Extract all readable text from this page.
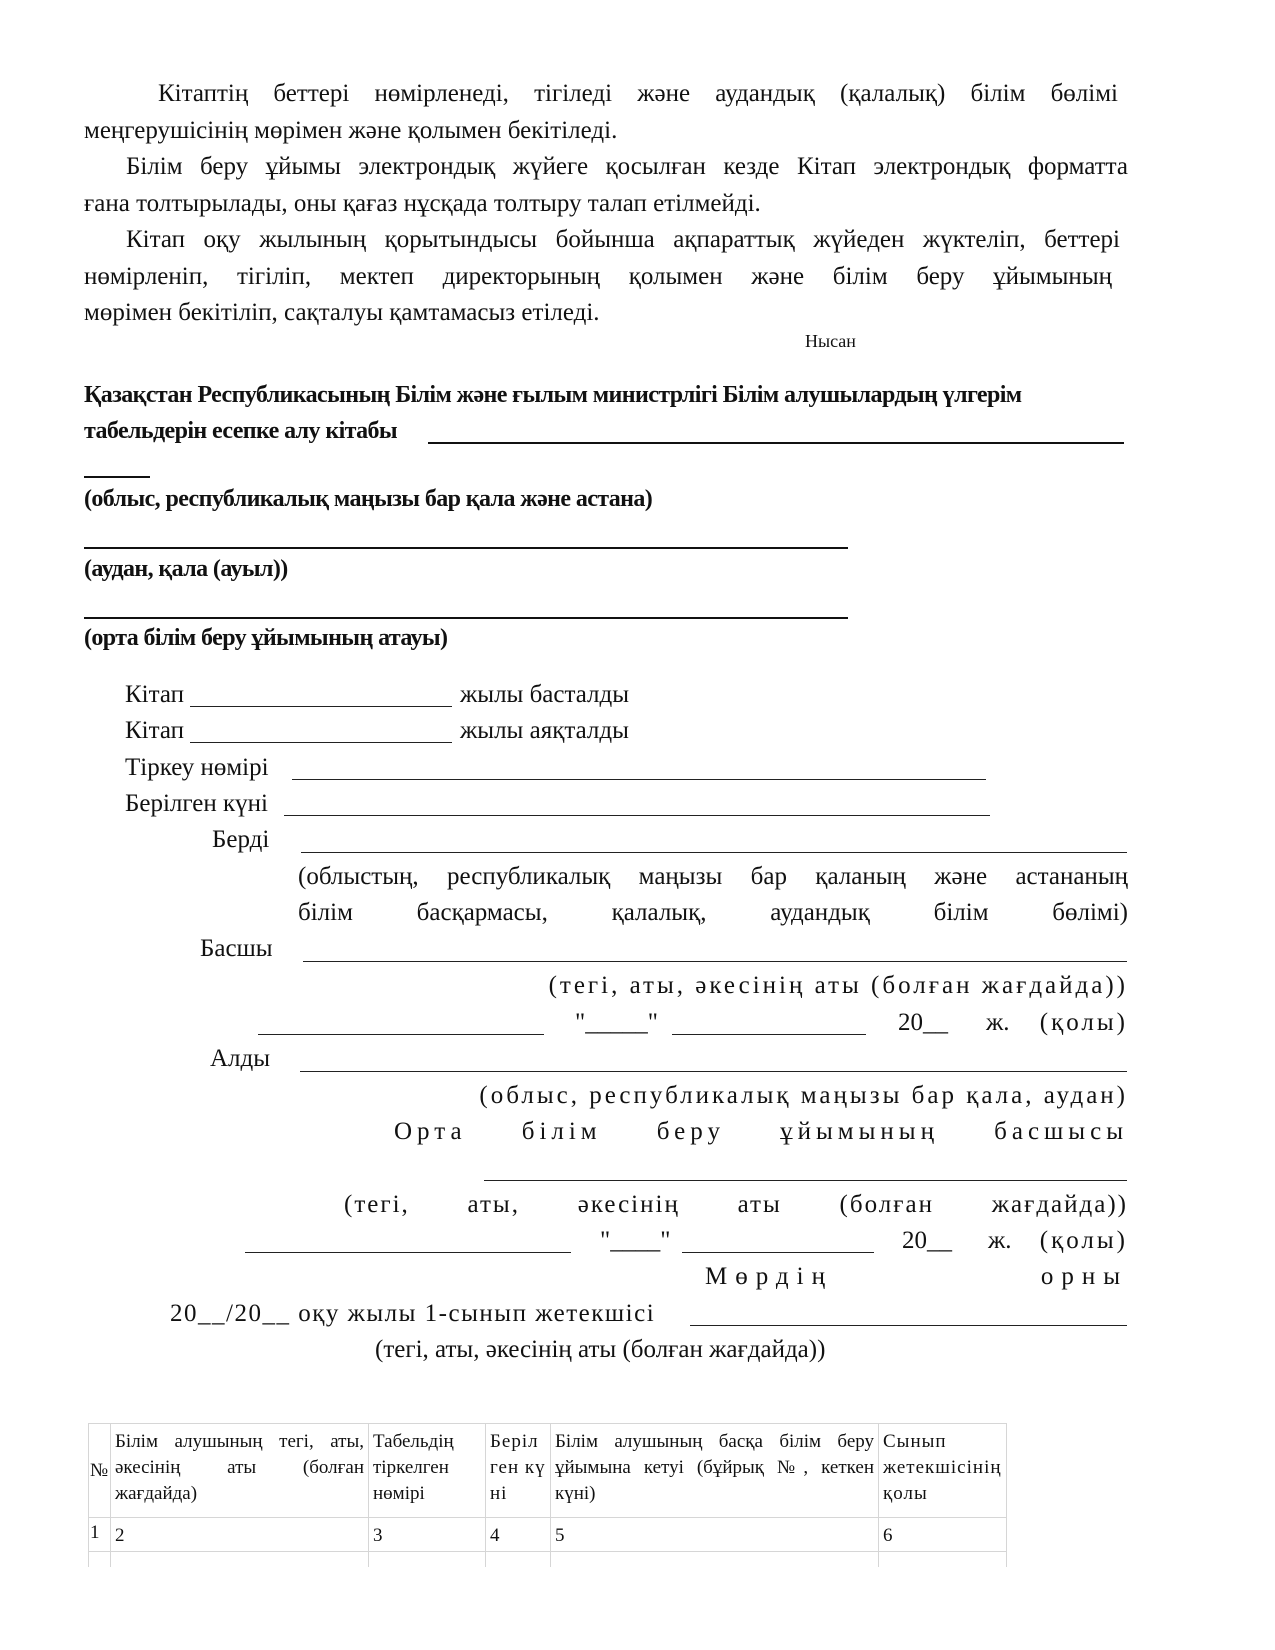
Кітаптің беттері нөмірленеді, тігіледі және аудандық (қалалық) білім бөлімі
меңгерушісінің мөрімен және қолымен бекітіледі.
Білім беру ұйымы электрондық жүйеге қосылған кезде Кітап электрондық форматта
ғана толтырылады, оны қағаз нұсқада толтыру талап етілмейді.
Кітап оқу жылының қорытындысы бойынша ақпараттық жүйеден жүктеліп, беттері
нөмірленіп, тігіліп, мектеп директорының қолымен және білім беру ұйымының
мөрімен бекітіліп, сақталуы қамтамасыз етіледі.
Нысан
Қазақстан Республикасының Білім және ғылым министрлігі Білім алушылардың үлгерім
табельдерін есепке алу кітабы
(облыс, республикалық маңызы бар қала және астана)
(аудан, қала (ауыл))
(орта білім беру ұйымының атауы)
Кітап	жылы басталды
Кітап	жылы аяқталды
Тіркеу нөмірі
Берілген күні
Берді
(облыстың, республикалық маңызы бар қаланың және астананың
білім басқармасы, қалалық, аудандық білім бөлімі)
Басшы
(тегі, аты, әкесінің аты (болған жағдайда))
"_____"	20__ ж. (қолы)
Алды
(облыс, республикалық маңызы бар қала, аудан)
Орта білім беру ұйымының басшысы
(тегі, аты, әкесінің аты (болған жағдайда))
"____"	20__ ж. (қолы)
Мөрдің орны
20__/20__ оқу жылы 1-сынып жетекшісі
(тегі, аты, әкесінің аты (болған жағдайда))
№	Білім алушының тегі, аты, әкесінің аты (болған жағдайда)	Табельдің тіркелген нөмірі	Берілген күні	Білім алушының басқа білім беру ұйымына кетуі (бұйрық №, кеткен күні)	Сынып жетекшісінің қолы
1	2	3	4	5	6
